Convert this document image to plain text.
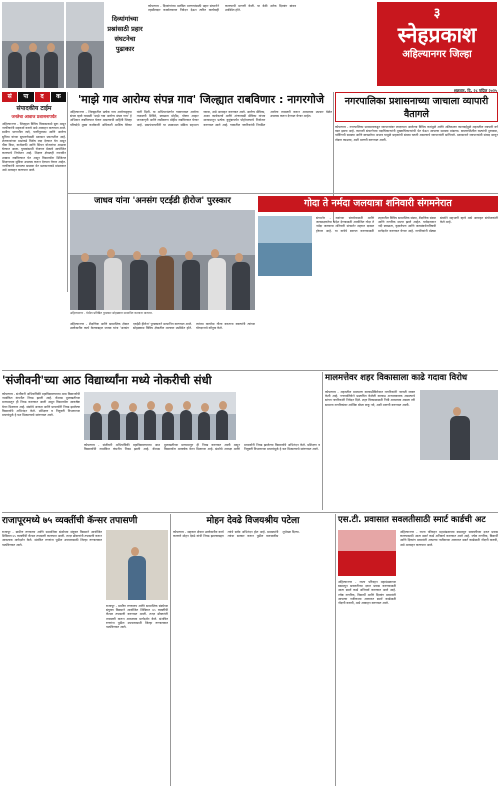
दिव्यांगांच्या प्रश्नांसाठी प्रहार संघटनेचा पुढाकार
कोपरगाव - दिव्यांगांच्या प्रलंबित मागण्यांसाठी प्रहार संघटनेने तहसीलदार कार्यालयावर निवेदन देऊन त्वरित कार्यवाही करण्याची मागणी केली. या वेळी अनेक दिव्यांग बांधव उपस्थित होते.	३
स्नेहप्रकाश
अहिल्यानगर जिल्हा
शुक्रवार, दि. २८ एप्रिल २०२५
सं	पा	द	क
संपादकीय टाईम
जनतेचा आवाज प्रशासनापर्यंत
अहिल्यानगर - जिल्ह्यात विविध विकासकामे सुरू असून नागरिकांनी सहकार्य करावे असे आवाहन करण्यात आले. ग्रामीण भागातील रस्ते, पाणीपुरवठा आणि आरोग्य सुविधा यांच्या सुधारणेसाठी प्रशासन प्रयत्नशील आहे. शेतकऱ्यांच्या प्रश्नांकडे विशेष लक्ष देण्यात येत असून पीक विमा, कर्जमाफी आणि सिंचन योजनांचा आढावा घेण्यात आला. युवकांसाठी रोजगार मेळावे आयोजित करण्याचे नियोजन आहे. शिक्षण क्षेत्रातही नवनवीन उपक्रम राबविण्यात येत असून विद्यार्थ्यांना डिजिटल शिक्षणाच्या सुविधा उपलब्ध करून देण्यात येणार आहेत. नागरिकांनी आपल्या समस्या थेट प्रशासनाकडे मांडाव्यात असे आवाहन करण्यात आले.
'माझे गाव आरोग्य संपन्न गाव' जिल्ह्यात राबविणार : नागरगोजे
अहिल्यानगर - जिल्ह्यातील प्रत्येक गाव आरोग्यदृष्ट्या संपन्न व्हावे यासाठी 'माझे गाव आरोग्य संपन्न गाव' हे अभियान राबविण्यात येणार असल्याची माहिती जिल्हा परिषदेचे मुख्य कार्यकारी अधिकारी आशिष येरेकर यांनी दिली. या अभियानांतर्गत गावागावात आरोग्य तपासणी शिबिरे, स्वच्छता मोहीम, पोषण आहार जनजागृती आणि लसीकरण मोहीम राबविण्यात येणार आहे. ग्रामपंचायतींनी या उपक्रमात सक्रिय सहभाग घ्यावा, असे आवाहन करण्यात आले. आरोग्य सेविका, आशा कार्यकर्त्या आणि अंगणवाडी सेविका यांच्या माध्यमातून प्रत्येक कुटुंबापर्यंत पोहोचण्याचे नियोजन करण्यात आले आहे. गावातील नागरिकांची नियमित आरोग्य तपासणी करून आवश्यक उपचार वेळेत उपलब्ध करून देण्यात येणार आहेत.
नगरपालिका प्रशासनाच्या जाचाला व्यापारी वैतागले
कोपरगाव - नगरपालिका प्रशासनाकडून व्यापाऱ्यांवर लादण्यात आलेल्या विविध करांमुळे आणि अतिक्रमण कारवाईमुळे शहरातील व्यापारी वर्ग त्रस्त झाला आहे. व्यापारी संघटनेच्या पदाधिकाऱ्यांनी मुख्याधिकाऱ्यांची भेट घेऊन आपल्या समस्या मांडल्या. बाजारपेठेतील रस्त्यांची दुरवस्था, पार्किंगची समस्या आणि स्वच्छतेचा अभाव यामुळे ग्राहकांची संख्या घटली असल्याचे व्यापाऱ्यांनी सांगितले. प्रशासनाने व्यापाऱ्यांशी संवाद साधून तोडगा काढावा, अशी मागणी करण्यात आली.
जाधव यांना 'अनसंग एटईडी हीरोज' पुरस्कार
अहिल्यानगर - येथील प्रतिष्ठित पुरस्कार सोहळ्यात सन्मानित करताना मान्यवर.
अहिल्यानगर - शैक्षणिक आणि सामाजिक क्षेत्रात उल्लेखनीय कार्य केल्याबद्दल जाधव यांना 'अनसंग एटईडी हीरोज' पुरस्काराने सन्मानित करण्यात आले. सोहळ्यास विविध क्षेत्रातील मान्यवर उपस्थित होते. त्यांच्या कार्याचा गौरव करताना वक्त्यांनी त्यांच्या योगदानाचे कौतुक केले.
गोदा ते नर्मदा जलयात्रा शनिवारी संगमनेरात
संगमनेर - नद्यांच्या संवर्धनासाठी आणि जलसाक्षरतेचा संदेश देण्यासाठी आयोजित गोदा ते नर्मदा जलयात्रा शनिवारी संगमनेर शहरात दाखल होणार आहे. या यात्रेचे स्वागत करण्यासाठी शहरातील विविध सामाजिक संस्था, शैक्षणिक संस्था आणि नागरिक सज्ज झाले आहेत. यात्रेदरम्यान नदी स्वच्छता, वृक्षारोपण आणि जलसंवर्धनाविषयी मार्गदर्शन करण्यात येणार आहे. नागरिकांनी मोठ्या संख्येने सहभागी व्हावे असे आवाहन संयोजकांनी केले आहे.
'संजीवनी'च्या आठ विद्यार्थ्यांना मध्ये नोकरीची संधी
कोपरगाव - संजीवनी अभियांत्रिकी महाविद्यालयाच्या आठ विद्यार्थ्यांची नामांकित कंपनीत निवड झाली आहे. कॅम्पस मुलाखतीच्या माध्यमातून ही निवड करण्यात आली असून विद्यार्थ्यांना आकर्षक वेतन मिळणार आहे. संस्थेचे अध्यक्ष आणि प्राचार्यांनी निवड झालेल्या विद्यार्थ्यांचे अभिनंदन केले. प्रशिक्षण व नियुक्ती विभागाच्या प्रयत्नांमुळे हे यश मिळाल्याचे सांगण्यात आले.
कोपरगाव - संजीवनी अभियांत्रिकी महाविद्यालयाच्या आठ विद्यार्थ्यांची नामांकित कंपनीत निवड झाली आहे. कॅम्पस मुलाखतीच्या माध्यमातून ही निवड करण्यात आली असून विद्यार्थ्यांना आकर्षक वेतन मिळणार आहे. संस्थेचे अध्यक्ष आणि प्राचार्यांनी निवड झालेल्या विद्यार्थ्यांचे अभिनंदन केले. प्रशिक्षण व नियुक्ती विभागाच्या प्रयत्नांमुळे हे यश मिळाल्याचे सांगण्यात आले.
मालमत्तेवर शहर विकासाला काढे गदावा विरोध
कोपरगाव - शहरातील मालमत्ता करवाढीविरोधात नागरिकांनी नाराजी व्यक्त केली आहे. नगरपालिकेने प्रस्तावित केलेली करवाढ अन्यायकारक असल्याचे सांगत नागरिकांनी निवेदन दिले. शहर विकासासाठी निधी आवश्यक असला तरी सामान्य नागरिकांवर आर्थिक बोजा टाकू नये, अशी मागणी करण्यात आली.
राजापूरमध्ये ७५ व्यक्तींची कॅन्सर तपासणी
राजापूर - ग्रामीण रुग्णालय आणि सामाजिक संस्थेच्या संयुक्त विद्यमाने आयोजित शिबिरात ७५ व्यक्तींची कॅन्सर तपासणी करण्यात आली. तज्ज्ञ डॉक्टरांनी तपासणी करून आवश्यक मार्गदर्शन केले. संशयित रुग्णांना पुढील उपचारासाठी जिल्हा रुग्णालयात पाठविण्यात आले.
राजापूर - ग्रामीण रुग्णालय आणि सामाजिक संस्थेच्या संयुक्त विद्यमाने आयोजित शिबिरात ७५ व्यक्तींची कॅन्सर तपासणी करण्यात आली. तज्ज्ञ डॉक्टरांनी तपासणी करून आवश्यक मार्गदर्शन केले. संशयित रुग्णांना पुढील उपचारासाठी जिल्हा रुग्णालयात पाठविण्यात आले.
मोहन देवढे विजयश्रीय पटेला
कोपरगाव - सहकार क्षेत्रात उल्लेखनीय कार्य करणारे मोहन देवढे यांची निवड झाल्याबद्दल त्यांचे सर्वत्र अभिनंदन होत आहे. ग्रामस्थांनी त्यांचा सत्कार करून पुढील वाटचालीस शुभेच्छा दिल्या.
एस.टी. प्रवासात सवलतीसाठी स्मार्ट कार्डची अट
अहिल्यानगर - राज्य परिवहन महामंडळाच्या बसमधून सवलतीच्या दरात प्रवास करण्यासाठी आता स्मार्ट कार्ड अनिवार्य करण्यात आले आहे. ज्येष्ठ नागरिक, विद्यार्थी आणि दिव्यांग प्रवाशांनी आपल्या नजीकच्या आगारात स्मार्ट कार्डसाठी नोंदणी करावी, असे आवाहन करण्यात आले.
अहिल्यानगर - राज्य परिवहन महामंडळाच्या बसमधून सवलतीच्या दरात प्रवास करण्यासाठी आता स्मार्ट कार्ड अनिवार्य करण्यात आले आहे. ज्येष्ठ नागरिक, विद्यार्थी आणि दिव्यांग प्रवाशांनी आपल्या नजीकच्या आगारात स्मार्ट कार्डसाठी नोंदणी करावी, असे आवाहन करण्यात आले.
